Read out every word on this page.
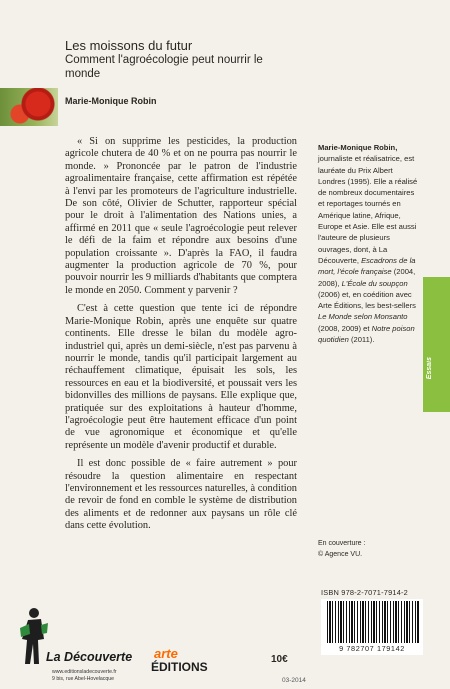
Les moissons du futur
Comment l'agroécologie peut nourrir le monde
Marie-Monique Robin

« Si on supprime les pesticides, la production agricole chutera de 40 % et on ne pourra pas nourrir le monde. » Prononcée par le patron de l'industrie agroalimentaire française, cette affirmation est répétée à l'envi par les promoteurs de l'agriculture industrielle. De son côté, Olivier de Schutter, rapporteur spécial pour le droit à l'alimentation des Nations unies, a affirmé en 2011 que « seule l'agroécologie peut relever le défi de la faim et répondre aux besoins d'une population croissante ». D'après la FAO, il faudra augmenter la production agricole de 70 %, pour pouvoir nourrir les 9 milliards d'habitants que comptera le monde en 2050. Comment y parvenir ?

C'est à cette question que tente ici de répondre Marie-Monique Robin, après une enquête sur quatre continents. Elle dresse le bilan du modèle agro-industriel qui, après un demi-siècle, n'est pas parvenu à nourrir le monde, tandis qu'il participait largement au réchauffement climatique, épuisait les sols, les ressources en eau et la biodiversité, et poussait vers les bidonvilles des millions de paysans. Elle explique que, pratiquée sur des exploitations à hauteur d'homme, l'agroécologie peut être hautement efficace d'un point de vue agronomique et économique et qu'elle représente un modèle d'avenir productif et durable.

Il est donc possible de « faire autrement » pour résoudre la question alimentaire en respectant l'environnement et les ressources naturelles, à condition de revoir de fond en comble le système de distribution des aliments et de redonner aux paysans un rôle clé dans cette évolution.

Marie-Monique Robin, journaliste et réalisatrice, est lauréate du Prix Albert Londres (1995). Elle a réalisé de nombreux documentaires et reportages tournés en Amérique latine, Afrique, Europe et Asie. Elle est aussi l'auteure de plusieurs ouvrages, dont, à La Découverte, Escadrons de la mort, l'école française (2004, 2008), L'École du soupçon (2006) et, en coédition avec Arte Éditions, les best-sellers Le Monde selon Monsanto (2008, 2009) et Notre poison quotidien (2011).

Essais
En couverture :
© Agence VU.
ISBN 978-2-7071-7914-2
9 782707 179142
La Découverte
www.editionsladecouverte.fr
9 bis, rue Abel-Hovelacque
arte
ÉDITIONS
10€
03-2014
